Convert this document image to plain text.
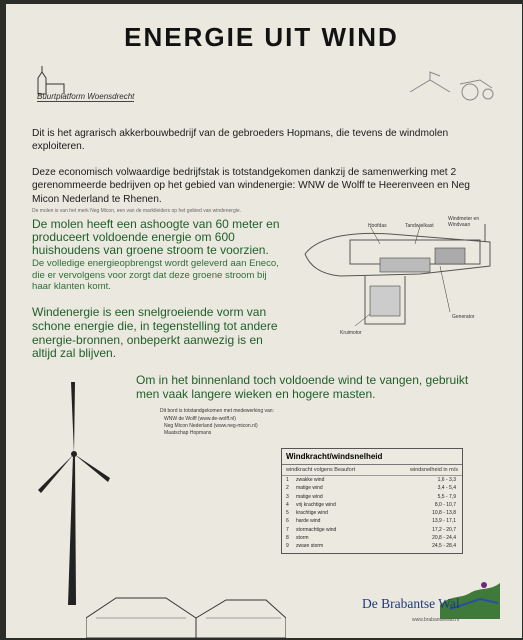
ENERGIE UIT WIND
Buurtplatform Woensdrecht
Dit is het agrarisch akkerbouwbedrijf van de gebroeders Hopmans, die tevens de windmolen exploiteren.
Deze economisch volwaardige bedrijfstak is totstandgekomen dankzij de samenwerking met 2 gerenommeerde bedrijven op het gebied van windenergie: WNW de Wolff te Heerenveen en Neg Micon Nederland te Rhenen.
De molen is van het merk Neg Micon, een van de marktleiders op het gebied van windenergie.
De molen heeft een ashoogte van 60 meter en produceert voldoende energie om 600 huishoudens van groene stroom te voorzien.
De volledige energieopbrengst wordt geleverd aan Eneco, die er vervolgens voor zorgt dat deze groene stroom bij haar klanten komt.
Windenergie is een snelgroeiende vorm van schone energie die, in tegenstelling tot andere energie-bronnen, onbeperkt aanwezig is en altijd zal blijven.
Hoofdas	Tandwielkast
Windmeter en Windvaan
Generator
Kruimotor
Om in het binnenland toch voldoende wind te vangen, gebruikt men vaak langere wieken en hogere masten.
Dit bord is totstandgekomen met medewerking van:
WNW de Wolff (www.de-wolff.nl)
Neg Micon Nederland (www.neg-micon.nl)
Maatschap Hopmans
Windkracht/windsnelheid
windkracht volgens Beaufort	windsnelheid in m/s
1	zwakke wind	1,6 - 3,3
2	matige wind	3,4 - 5,4
3	matige wind	5,5 - 7,9
4	vrij krachtige wind	8,0 - 10,7
5	krachtige wind	10,8 - 13,8
6	harde wind	13,9 - 17,1
7	stormachtige wind	17,2 - 20,7
8	storm	20,8 - 24,4
9	zware storm	24,5 - 28,4
De Brabantse Wal
www.brabantsewal.nl
